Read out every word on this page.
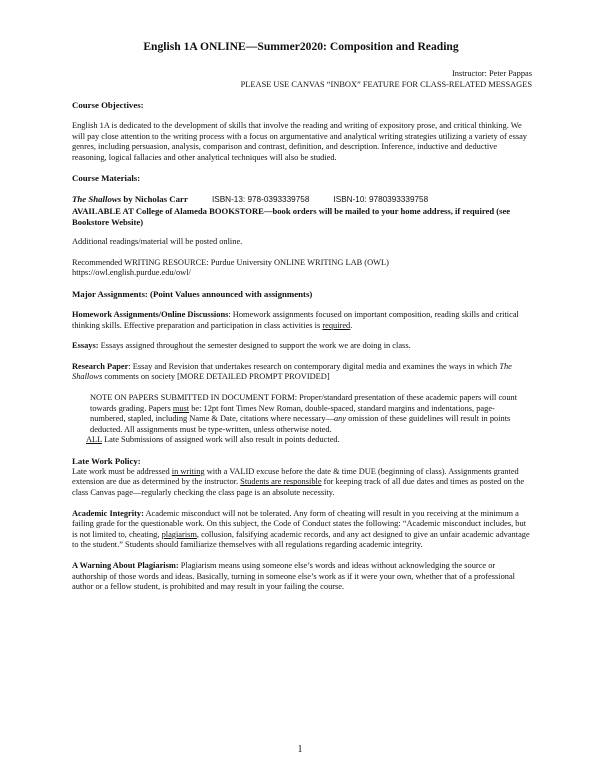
English 1A ONLINE—Summer2020: Composition and Reading
Instructor: Peter Pappas
PLEASE USE CANVAS “INBOX” FEATURE FOR CLASS-RELATED MESSAGES
Course Objectives:

English 1A is dedicated to the development of skills that involve the reading and writing of expository prose, and critical thinking. We will pay close attention to the writing process with a focus on argumentative and analytical writing strategies utilizing a variety of essay genres, including persuasion, analysis, comparison and contrast, definition, and description. Inference, inductive and deductive reasoning, logical fallacies and other analytical techniques will also be studied.

Course Materials:

The Shallows by Nicholas Carr	ISBN-13: 978-0393339758	ISBN-10: 9780393339758

AVAILABLE AT College of Alameda BOOKSTORE—book orders will be mailed to your home address, if required (see Bookstore Website)

Additional readings/material will be posted online.

Recommended WRITING RESOURCE: Purdue University ONLINE WRITING LAB (OWL)

https://owl.english.purdue.edu/owl/

Major Assignments: (Point Values announced with assignments)

Homework Assignments/Online Discussions: Homework assignments focused on important composition, reading skills and critical thinking skills. Effective preparation and participation in class activities is required.

Essays: Essays assigned throughout the semester designed to support the work we are doing in class.

Research Paper: Essay and Revision that undertakes research on contemporary digital media and examines the ways in which The Shallows comments on society [MORE DETAILED PROMPT PROVIDED]

NOTE ON PAPERS SUBMITTED IN DOCUMENT FORM: Proper/standard presentation of these academic papers will count towards grading. Papers must be: 12pt font Times New Roman, double-spaced, standard margins and indentations, page-numbered, stapled, including Name & Date, citations where necessary—any omission of these guidelines will result in points deducted. All assignments must be type-written, unless otherwise noted.

ALL Late Submissions of assigned work will also result in points deducted.

Late Work Policy:

Late work must be addressed in writing with a VALID excuse before the date & time DUE (beginning of class). Assignments granted extension are due as determined by the instructor. Students are responsible for keeping track of all due dates and times as posted on the class Canvas page—regularly checking the class page is an absolute necessity.

Academic Integrity: Academic misconduct will not be tolerated. Any form of cheating will result in you receiving at the minimum a failing grade for the questionable work. On this subject, the Code of Conduct states the following: “Academic misconduct includes, but is not limited to, cheating, plagiarism, collusion, falsifying academic records, and any act designed to give an unfair academic advantage to the student.” Students should familiarize themselves with all regulations regarding academic integrity.

A Warning About Plagiarism: Plagiarism means using someone else’s words and ideas without acknowledging the source or authorship of those words and ideas. Basically, turning in someone else’s work as if it were your own, whether that of a professional author or a fellow student, is prohibited and may result in your failing the course.

1
